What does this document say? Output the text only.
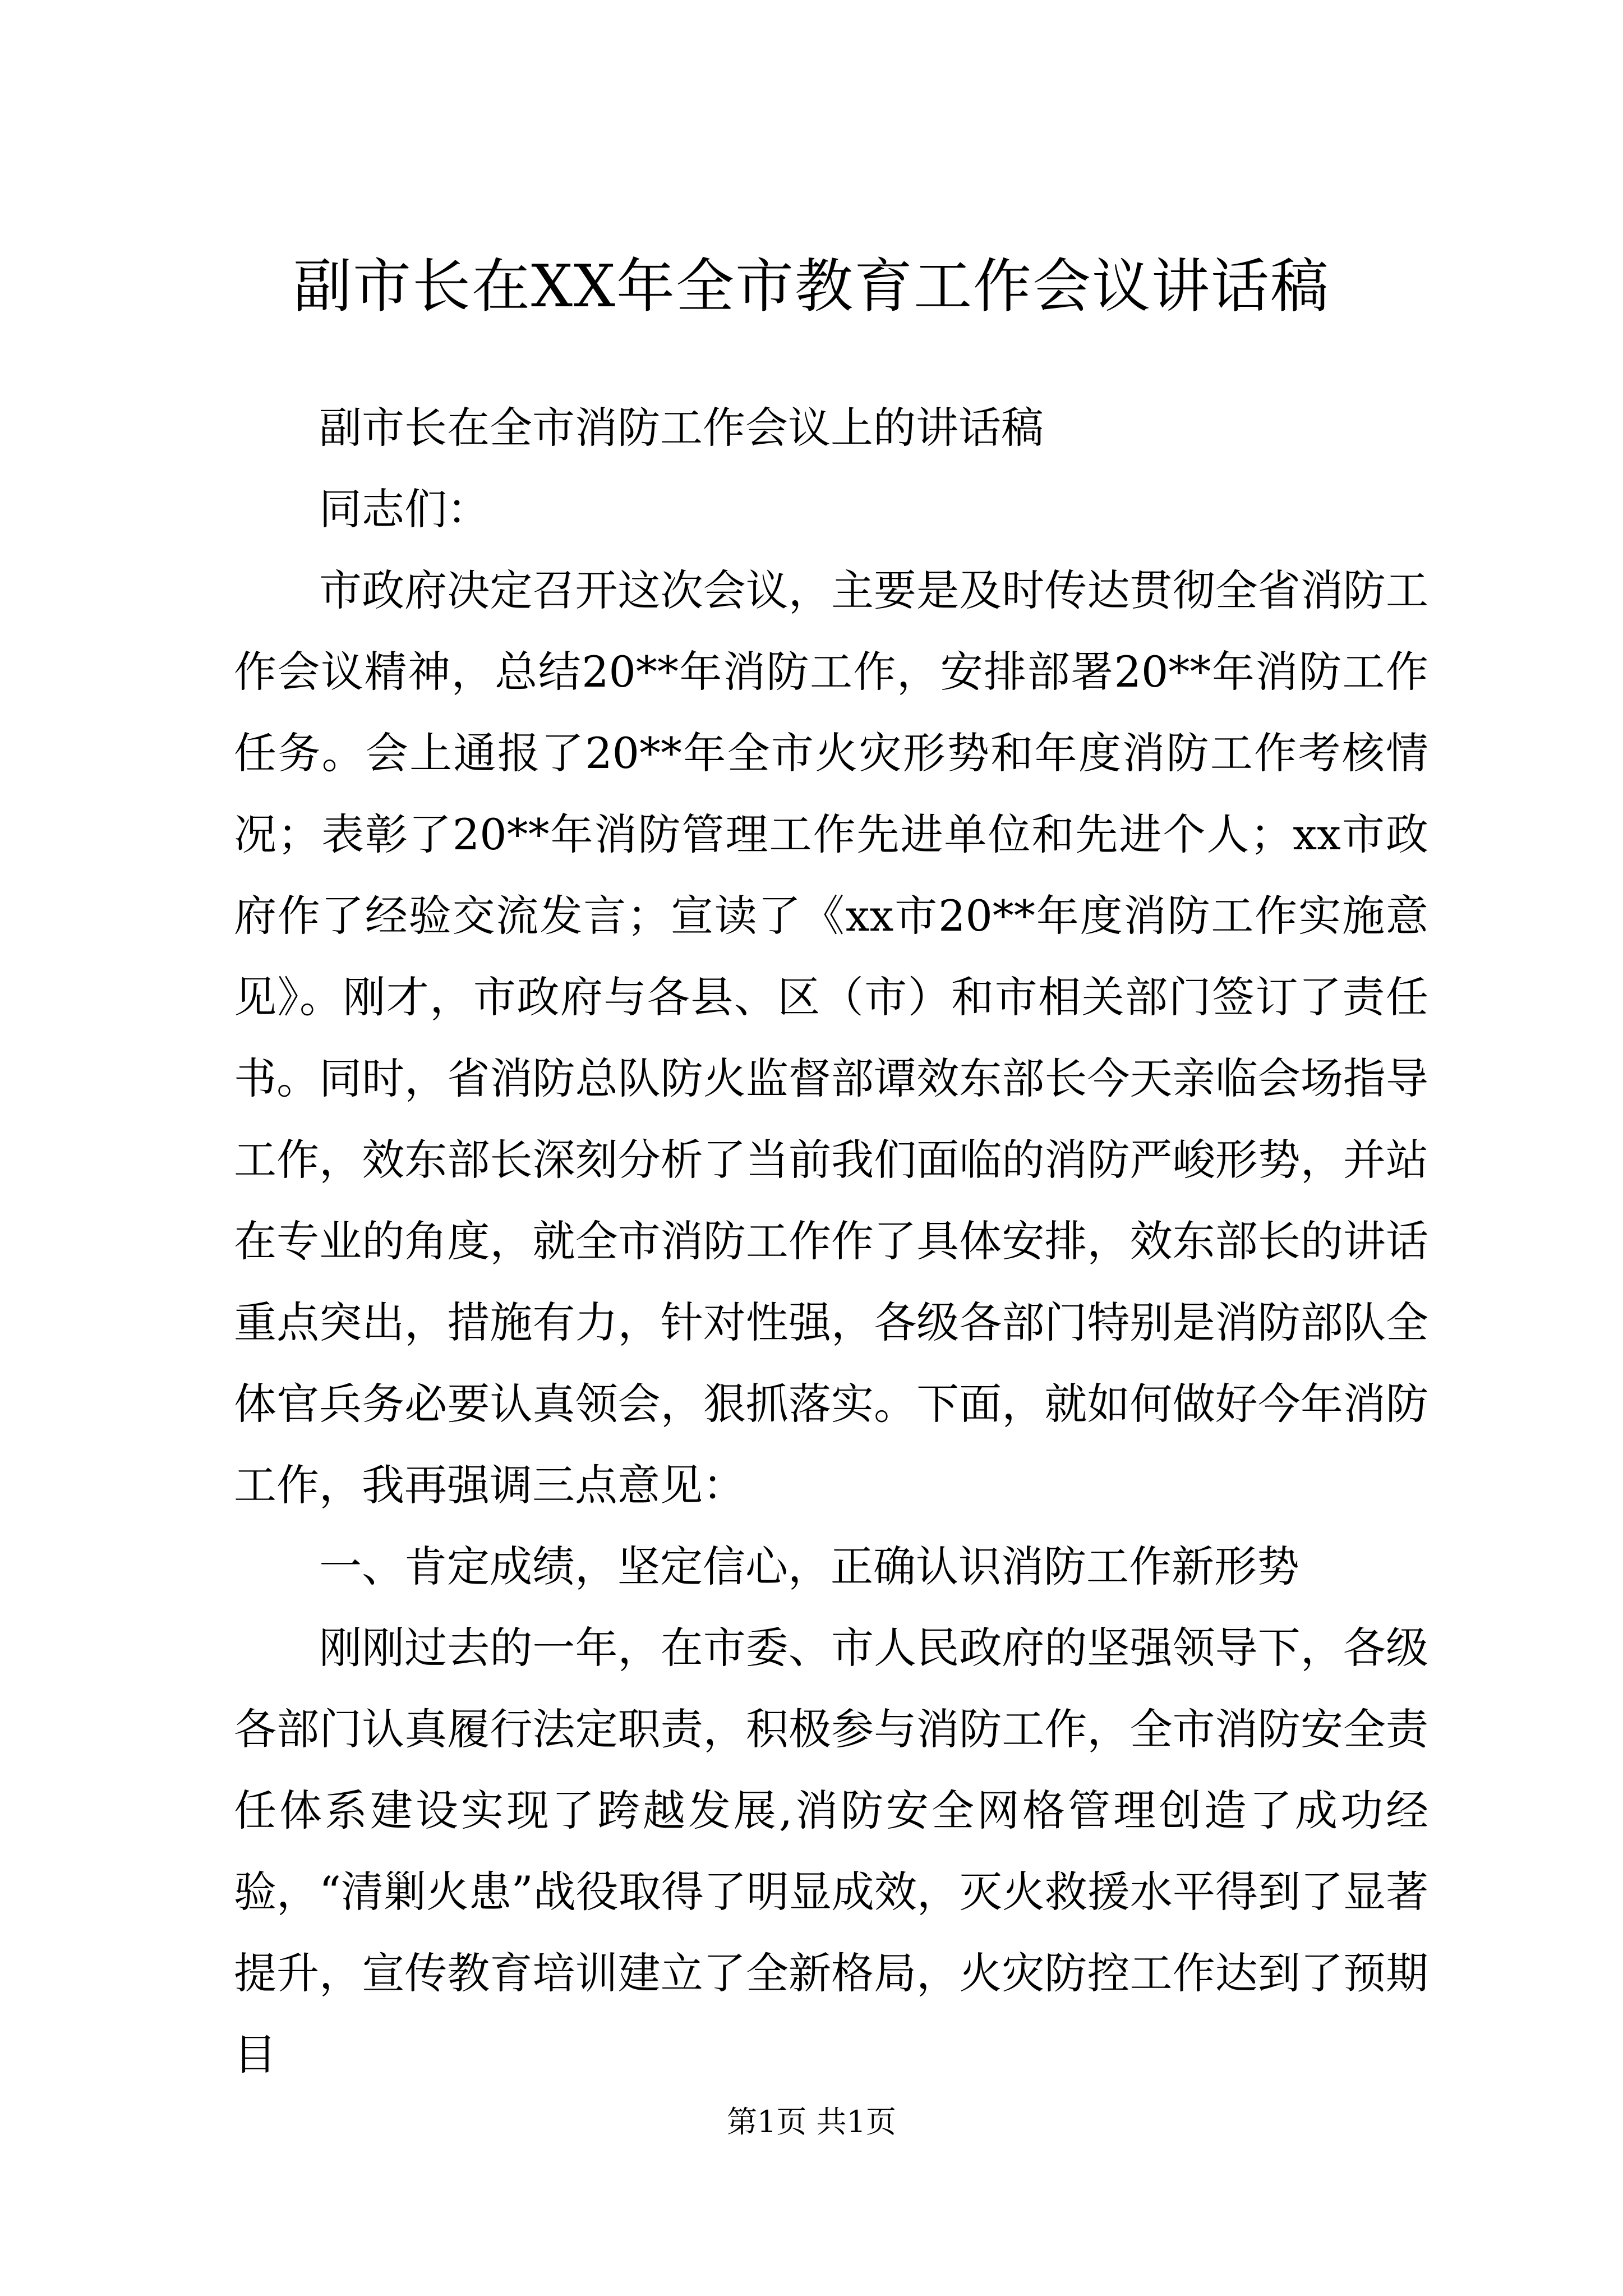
副市长在XX年全市教育工作会议讲话稿

副市长在全市消防工作会议上的讲话稿

同志们：

市政府决定召开这次会议，主要是及时传达贯彻全省消防工作会议精神，总结20**年消防工作，安排部署20**年消防工作任务。会上通报了20**年全市火灾形势和年度消防工作考核情况；表彰了20**年消防管理工作先进单位和先进个人；xx市政府作了经验交流发言；宣读了《xx市20**年度消防工作实施意见》。刚才，市政府与各县、区（市）和市相关部门签订了责任书。同时，省消防总队防火监督部谭效东部长今天亲临会场指导工作，效东部长深刻分析了当前我们面临的消防严峻形势，并站在专业的角度，就全市消防工作作了具体安排，效东部长的讲话重点突出，措施有力，针对性强，各级各部门特别是消防部队全体官兵务必要认真领会，狠抓落实。下面，就如何做好今年消防工作，我再强调三点意见：

一、肯定成绩，坚定信心，正确认识消防工作新形势

刚刚过去的一年，在市委、市人民政府的坚强领导下，各级各部门认真履行法定职责，积极参与消防工作，全市消防安全责任体系建设实现了跨越发展,消防安全网格管理创造了成功经验，“清剿火患”战役取得了明显成效，灭火救援水平得到了显著提升，宣传教育培训建立了全新格局，火灾防控工作达到了预期目

第1页 共1页
